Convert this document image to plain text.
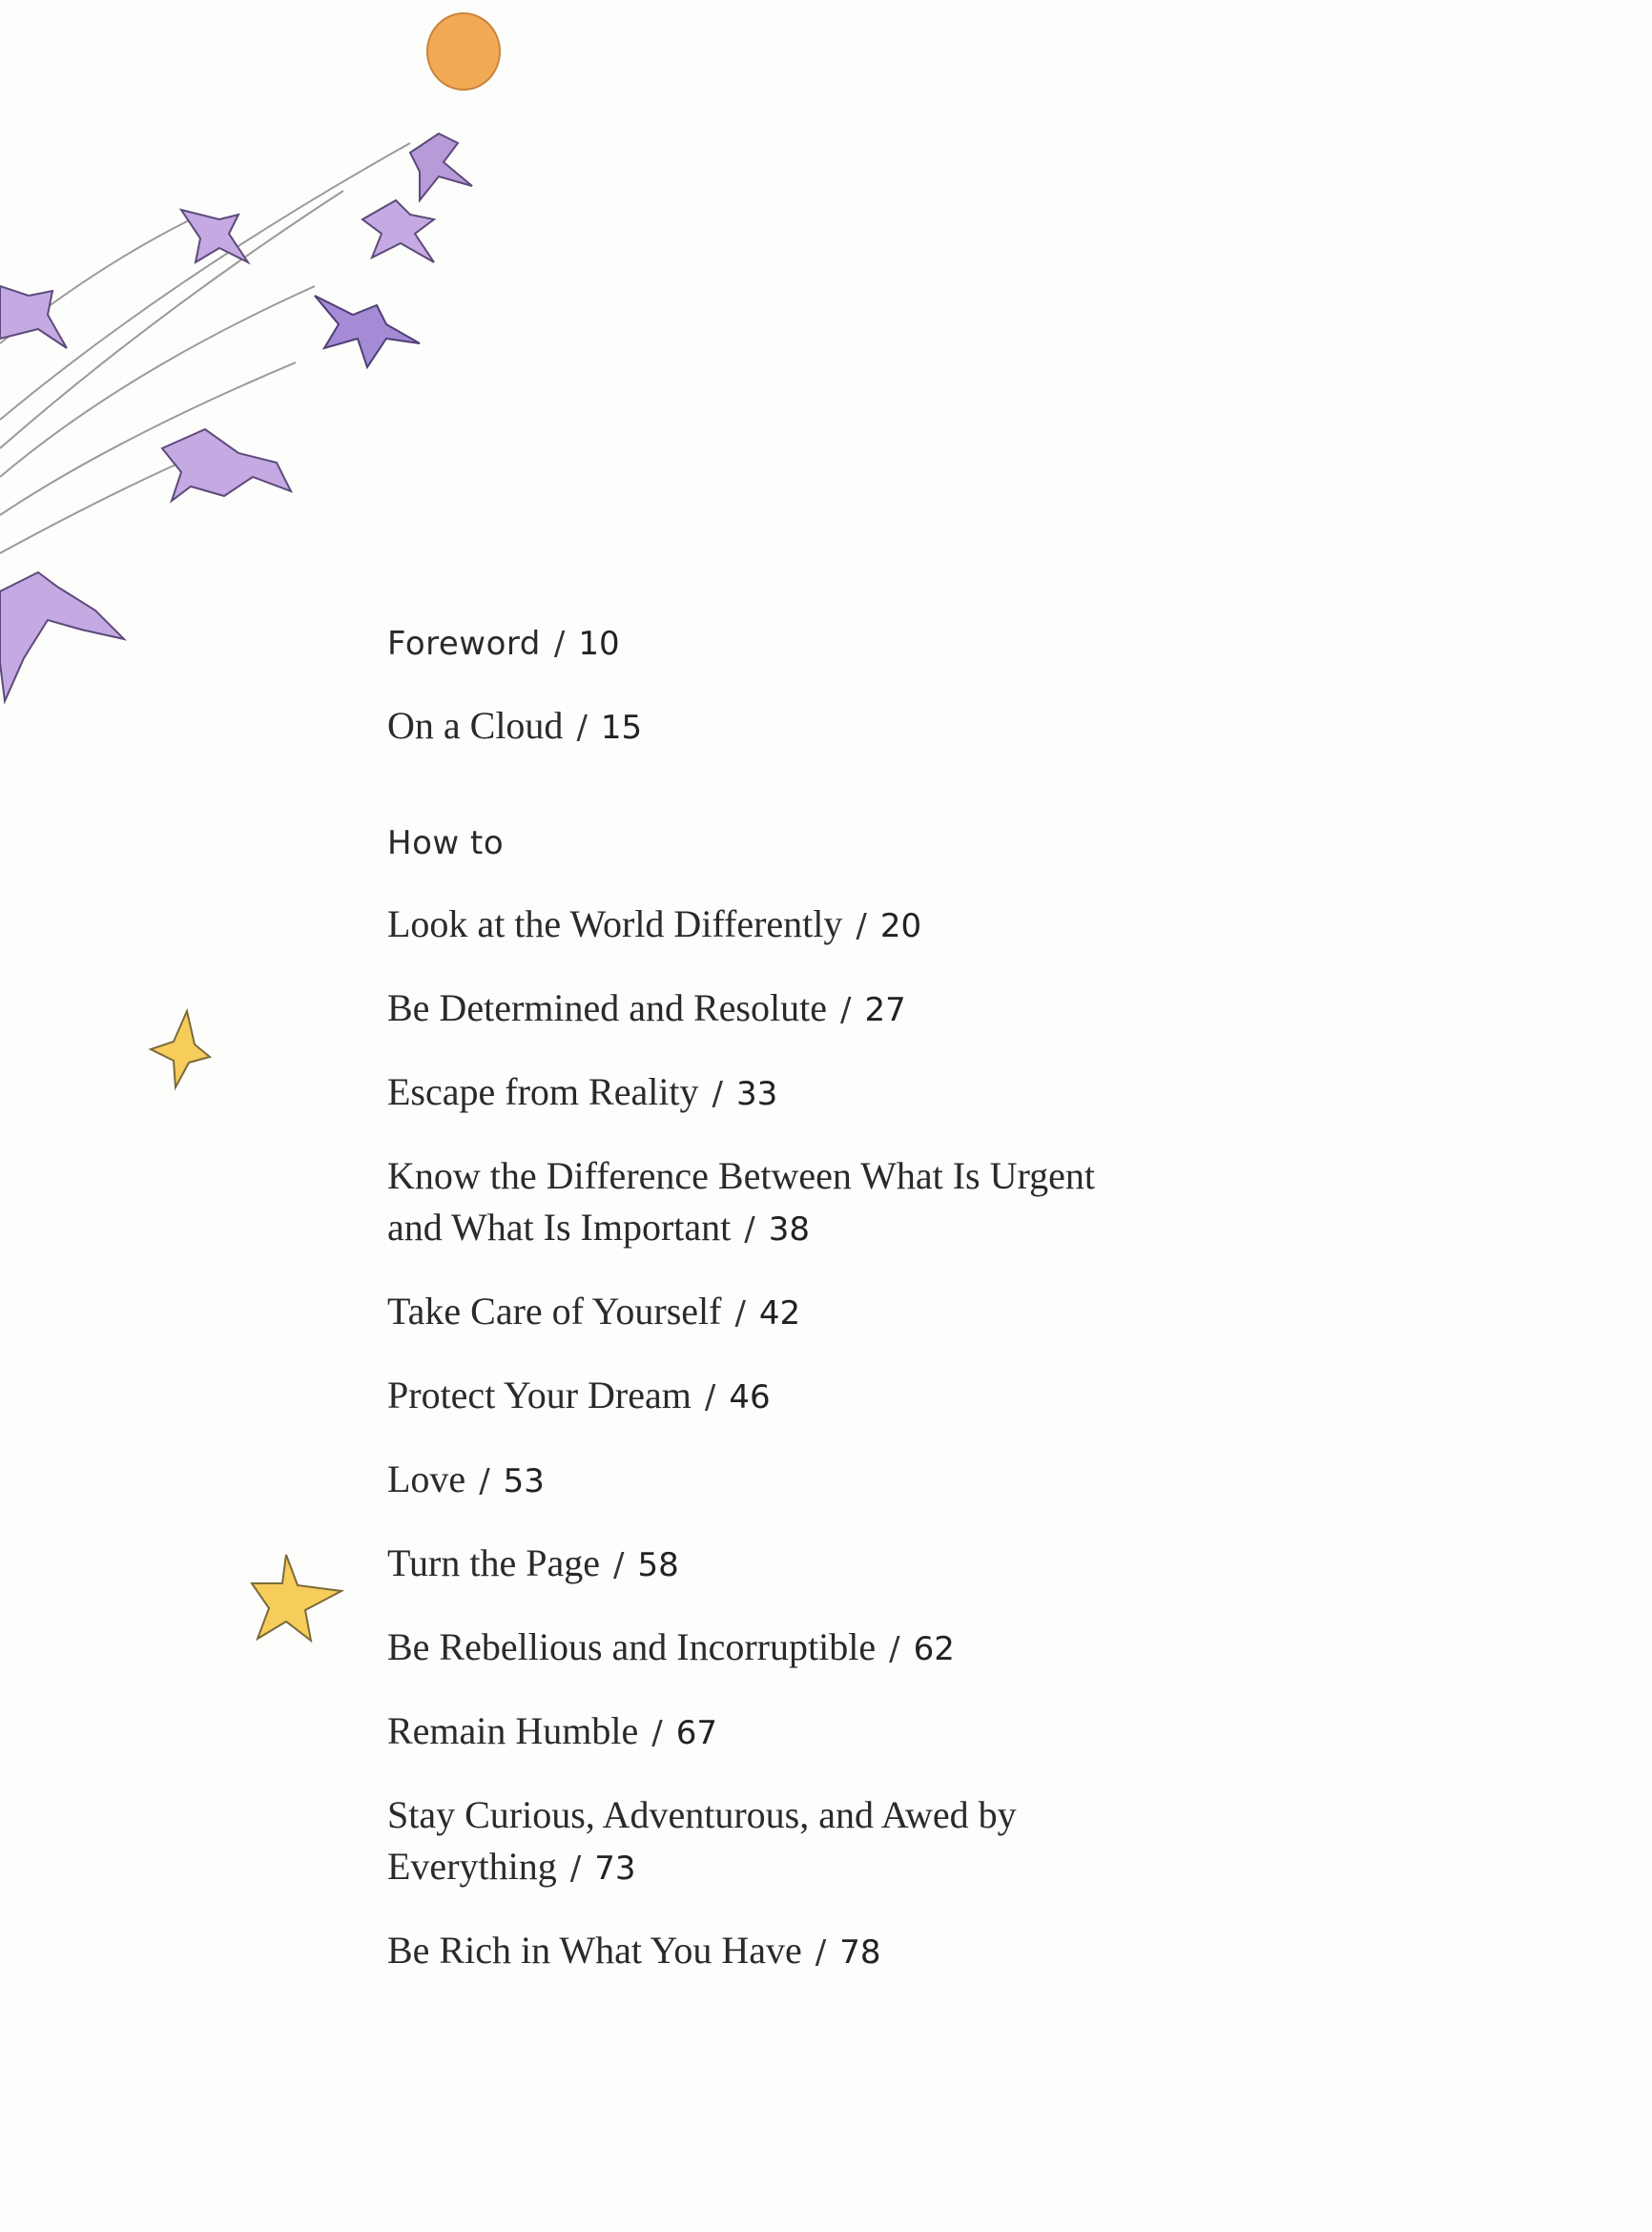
Foreword / 10

On a Cloud / 15

How to

Look at the World Differently / 20

Be Determined and Resolute / 27

Escape from Reality / 33

Know the Difference Between What Is Urgent
and What Is Important / 38

Take Care of Yourself / 42

Protect Your Dream / 46

Love / 53

Turn the Page / 58

Be Rebellious and Incorruptible / 62

Remain Humble / 67

Stay Curious, Adventurous, and Awed by
Everything / 73

Be Rich in What You Have / 78
